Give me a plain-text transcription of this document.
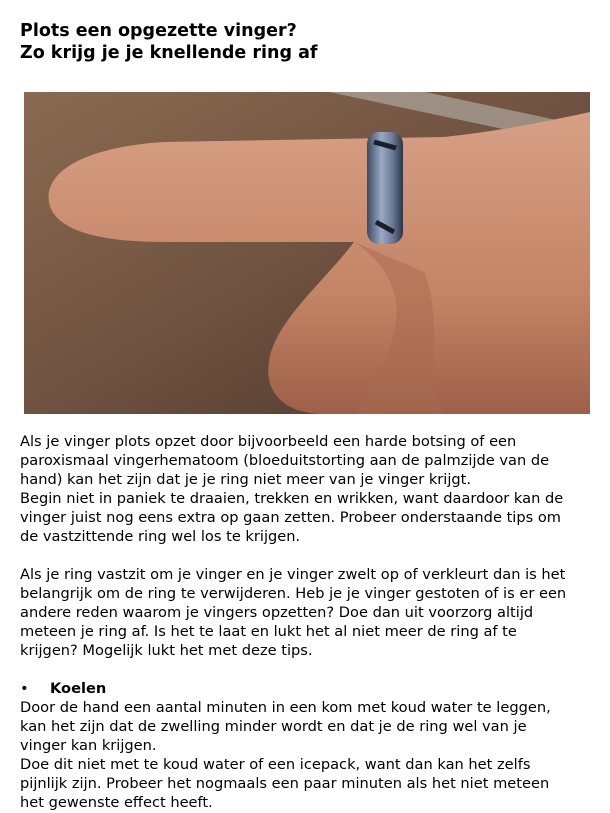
Plots een opgezette vinger?
Zo krijg je je knellende ring af
Als je vinger plots opzet door bijvoorbeeld een harde botsing of een
paroxismaal vingerhematoom (bloeduitstorting aan de palmzijde van de
hand) kan het zijn dat je je ring niet meer van je vinger krijgt.
Begin niet in paniek te draaien, trekken en wrikken, want daardoor kan de
vinger juist nog eens extra op gaan zetten. Probeer onderstaande tips om
de vastzittende ring wel los te krijgen.
Als je ring vastzit om je vinger en je vinger zwelt op of verkleurt dan is het
belangrijk om de ring te verwijderen. Heb je je vinger gestoten of is er een
andere reden waarom je vingers opzetten? Doe dan uit voorzorg altijd
meteen je ring af. Is het te laat en lukt het al niet meer de ring af te
krijgen? Mogelijk lukt het met deze tips.
•	Koelen
Door de hand een aantal minuten in een kom met koud water te leggen,
kan het zijn dat de zwelling minder wordt en dat je de ring wel van je
vinger kan krijgen.
Doe dit niet met te koud water of een icepack, want dan kan het zelfs
pijnlijk zijn. Probeer het nogmaals een paar minuten als het niet meteen
het gewenste effect heeft.
